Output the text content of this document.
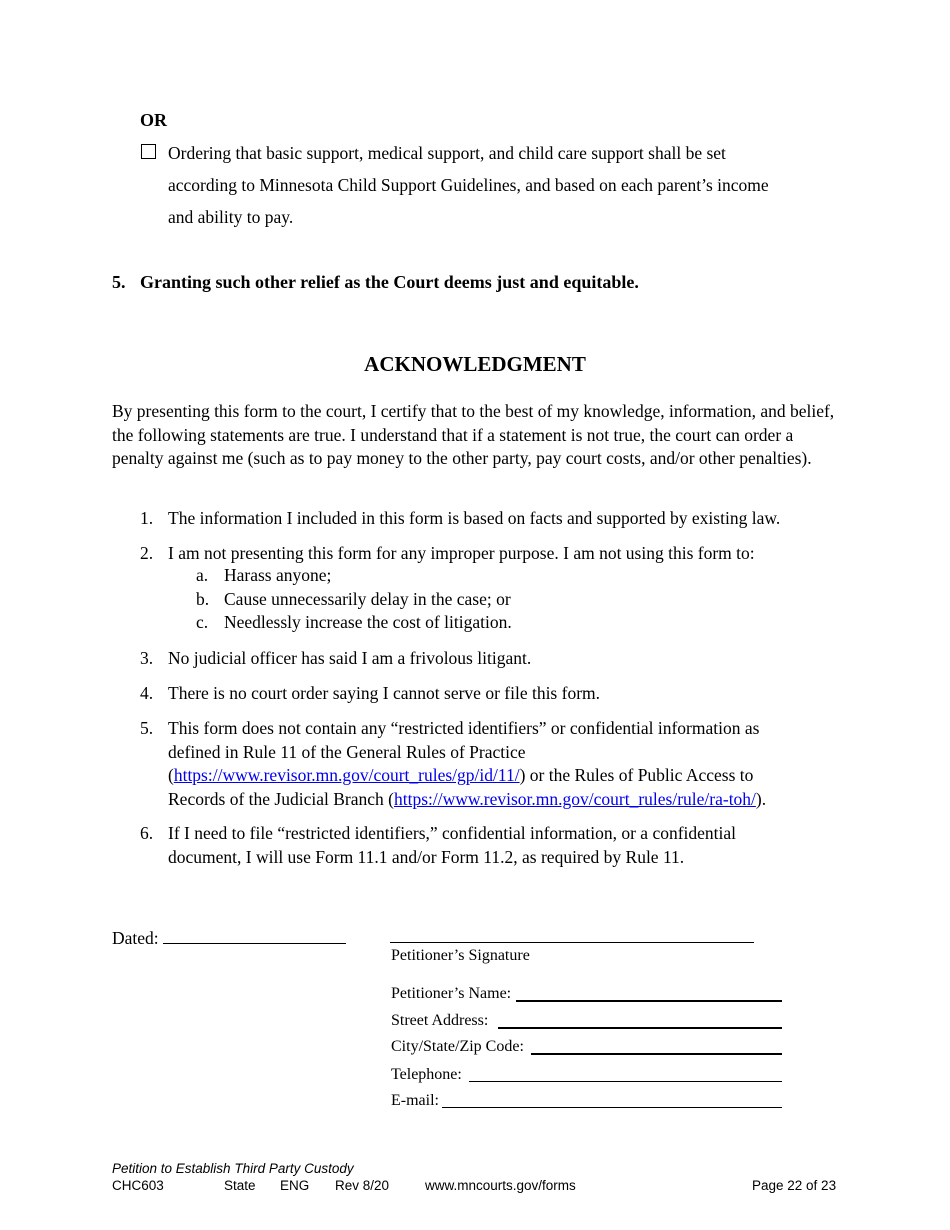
OR
Ordering that basic support, medical support, and child care support shall be set
according to Minnesota Child Support Guidelines, and based on each parent’s income
and ability to pay.
5. Granting such other relief as the Court deems just and equitable.
ACKNOWLEDGMENT
By presenting this form to the court, I certify that to the best of my knowledge, information, and belief, the following statements are true. I understand that if a statement is not true, the court can order a penalty against me (such as to pay money to the other party, pay court costs, and/or other penalties).
1. The information I included in this form is based on facts and supported by existing law.
2. I am not presenting this form for any improper purpose. I am not using this form to:
a. Harass anyone;
b. Cause unnecessarily delay in the case; or
c. Needlessly increase the cost of litigation.
3. No judicial officer has said I am a frivolous litigant.
4. There is no court order saying I cannot serve or file this form.
5. This form does not contain any “restricted identifiers” or confidential information as defined in Rule 11 of the General Rules of Practice (https://www.revisor.mn.gov/court_rules/gp/id/11/) or the Rules of Public Access to Records of the Judicial Branch (https://www.revisor.mn.gov/court_rules/rule/ra-toh/).
6. If I need to file “restricted identifiers,” confidential information, or a confidential document, I will use Form 11.1 and/or Form 11.2, as required by Rule 11.
Dated:
Petitioner’s Signature
Petitioner’s Name:
Street Address:
City/State/Zip Code:
Telephone:
E-mail:
Petition to Establish Third Party Custody
CHC603	State ENG Rev 8/20	www.mncourts.gov/forms	Page 22 of 23
